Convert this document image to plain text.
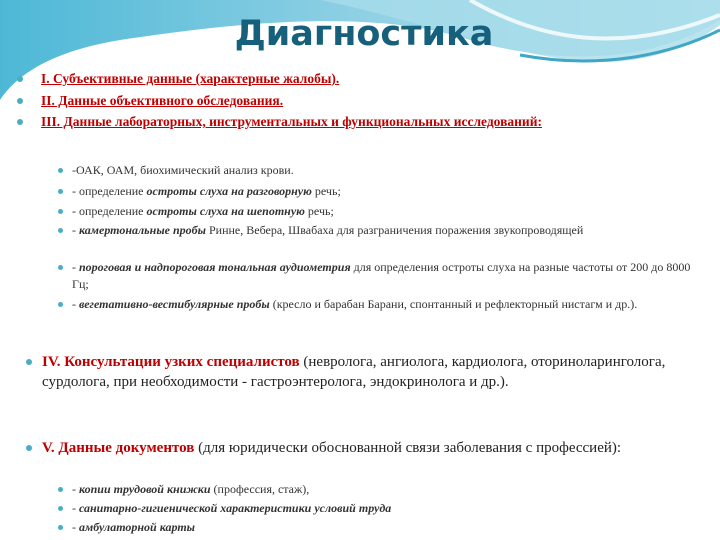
Диагностика
I. Субъективные данные (характерные жалобы).
II. Данные объективного обследования.
III. Данные лабораторных, инструментальных и функциональных исследований:
-ОАК, ОАМ, биохимический анализ крови.
- определение остроты слуха на разговорную речь;
- определение остроты слуха на шепотную речь;
- камертональные пробы Ринне, Вебера, Швабаха для разграничения поражения звукопроводящей
- пороговая и надпороговая тональная аудиометрия для определения остроты слуха на разные частоты от 200 до 8000 Гц;
- вегетативно-вестибулярные пробы (кресло и барабан Барани, спонтанный и рефлекторный нистагм и др.).
IV. Консультации узких специалистов (невролога, ангиолога, кардиолога, оториноларинголога, сурдолога, при необходимости - гастроэнтеролога, эндокринолога и др.).
V. Данные документов (для юридически обоснованной связи заболевания с профессией):
- копии трудовой книжки (профессия, стаж),
- санитарно-гигиенической характеристики условий труда
- амбулаторной карты
